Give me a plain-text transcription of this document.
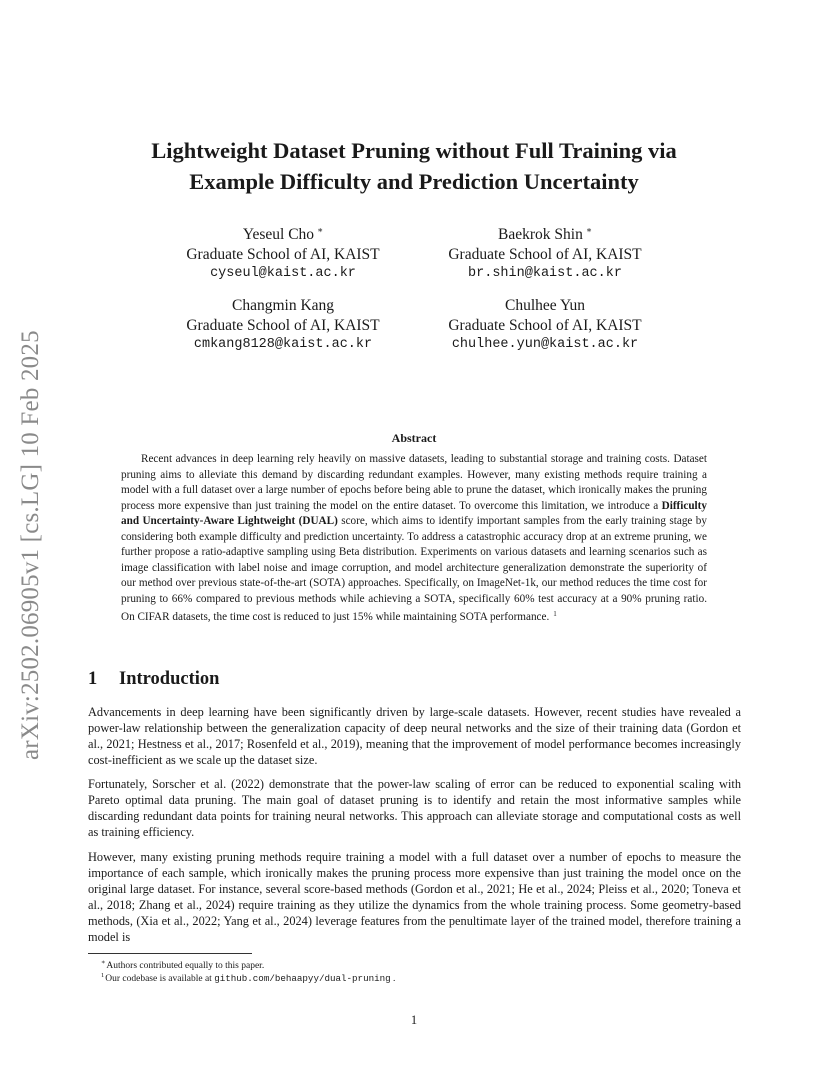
arXiv:2502.06905v1 [cs.LG] 10 Feb 2025
Lightweight Dataset Pruning without Full Training via
Example Difficulty and Prediction Uncertainty
Yeseul Cho ∗
Graduate School of AI, KAIST
cyseul@kaist.ac.kr
Baekrok Shin ∗
Graduate School of AI, KAIST
br.shin@kaist.ac.kr
Changmin Kang
Graduate School of AI, KAIST
cmkang8128@kaist.ac.kr
Chulhee Yun
Graduate School of AI, KAIST
chulhee.yun@kaist.ac.kr
Abstract
Recent advances in deep learning rely heavily on massive datasets, leading to substantial storage and training costs. Dataset pruning aims to alleviate this demand by discarding redundant examples. However, many existing methods require training a model with a full dataset over a large number of epochs before being able to prune the dataset, which ironically makes the pruning process more expensive than just training the model on the entire dataset. To overcome this limitation, we introduce a Difficulty and Uncertainty-Aware Lightweight (DUAL) score, which aims to identify important samples from the early training stage by considering both example difficulty and prediction uncertainty. To address a catastrophic accuracy drop at an extreme pruning, we further propose a ratio-adaptive sampling using Beta distribution. Experiments on various datasets and learning scenarios such as image classification with label noise and image corruption, and model architecture generalization demonstrate the superiority of our method over previous state-of-the-art (SOTA) approaches. Specifically, on ImageNet-1k, our method reduces the time cost for pruning to 66% compared to previous methods while achieving a SOTA, specifically 60% test accuracy at a 90% pruning ratio. On CIFAR datasets, the time cost is reduced to just 15% while maintaining SOTA performance. $^1$
1 Introduction
Advancements in deep learning have been significantly driven by large-scale datasets. However, recent studies have revealed a power-law relationship between the generalization capacity of deep neural networks and the size of their training data (Gordon et al., 2021; Hestness et al., 2017; Rosenfeld et al., 2019), meaning that the improvement of model performance becomes increasingly cost-inefficient as we scale up the dataset size.
Fortunately, Sorscher et al. (2022) demonstrate that the power-law scaling of error can be reduced to exponential scaling with Pareto optimal data pruning. The main goal of dataset pruning is to identify and retain the most informative samples while discarding redundant data points for training neural networks. This approach can alleviate storage and computational costs as well as training efficiency.
However, many existing pruning methods require training a model with a full dataset over a number of epochs to measure the importance of each sample, which ironically makes the pruning process more expensive than just training the model once on the original large dataset. For instance, several score-based methods (Gordon et al., 2021; He et al., 2024; Pleiss et al., 2020; Toneva et al., 2018; Zhang et al., 2024) require training as they utilize the dynamics from the whole training process. Some geometry-based methods, (Xia et al., 2022; Yang et al., 2024) leverage features from the penultimate layer of the trained model, therefore training a model is
∗Authors contributed equally to this paper.
$^1$Our codebase is available at github.com/behaapyy/dual-pruning .
1
